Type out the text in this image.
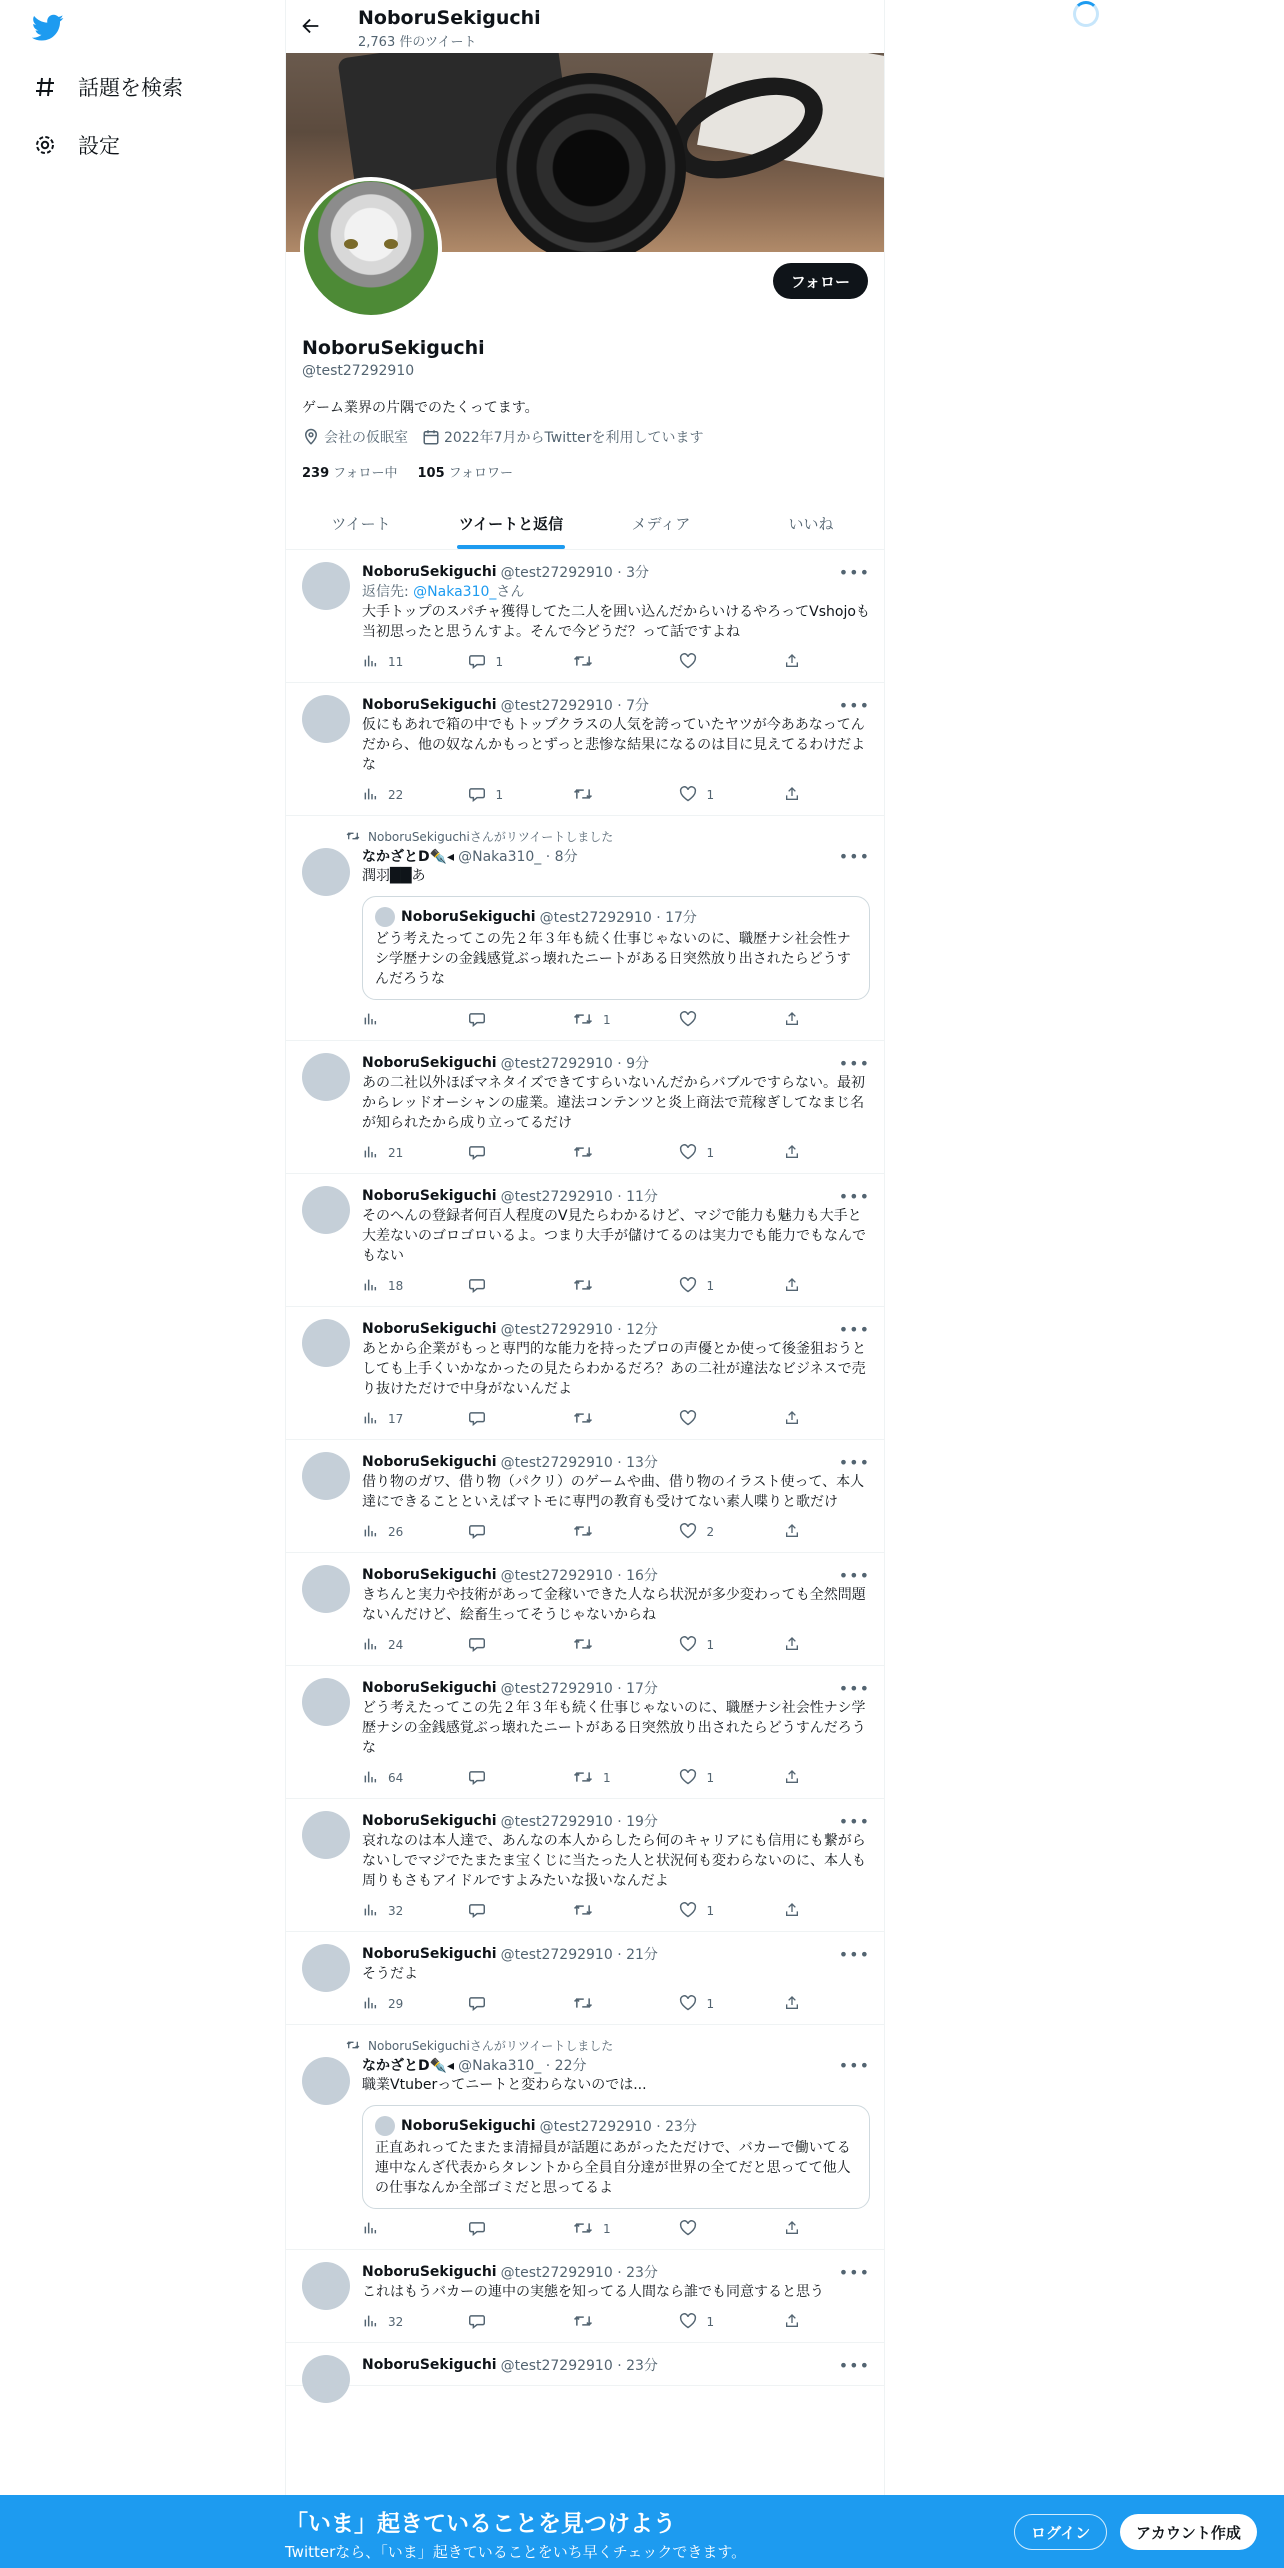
話題を検索
設定
NoboruSekiguchi
2,763 件のツイート
フォロー
NoboruSekiguchi
@test27292910
ゲーム業界の片隅でのたくってます。
会社の仮眠室	2022年7月からTwitterを利用しています
239 フォロー中 105 フォロワー
ツイート	ツイートと返信	メディア	いいね
NoboruSekiguchi @test27292910 · 3分	•••
返信先: @Naka310_さん
大手トップのスパチャ獲得してた二人を囲い込んだからいけるやろってVshojoも当初思ったと思うんすよ。そんで今どうだ？って話ですよね
11	1
NoboruSekiguchi @test27292910 · 7分	•••
仮にもあれで箱の中でもトップクラスの人気を誇っていたヤツが今ああなってんだから、他の奴なんかもっとずっと悲惨な結果になるのは目に見えてるわけだよな
22	1	1
NoboruSekiguchiさんがリツイートしました
なかざとD✒️◂ @Naka310_ · 8分	•••
潤羽██あ
NoboruSekiguchi @test27292910 · 17分
どう考えたってこの先２年３年も続く仕事じゃないのに、職歴ナシ社会性ナシ学歴ナシの金銭感覚ぶっ壊れたニートがある日突然放り出されたらどうすんだろうな
1
NoboruSekiguchi @test27292910 · 9分	•••
あの二社以外ほぼマネタイズできてすらいないんだからバブルですらない。最初からレッドオーシャンの虚業。違法コンテンツと炎上商法で荒稼ぎしてなまじ名が知られたから成り立ってるだけ
21	1
NoboruSekiguchi @test27292910 · 11分	•••
そのへんの登録者何百人程度のV見たらわかるけど、マジで能力も魅力も大手と大差ないのゴロゴロいるよ。つまり大手が儲けてるのは実力でも能力でもなんでもない
18	1
NoboruSekiguchi @test27292910 · 12分	•••
あとから企業がもっと専門的な能力を持ったプロの声優とか使って後釜狙おうとしても上手くいかなかったの見たらわかるだろ？あの二社が違法なビジネスで売り抜けただけで中身がないんだよ
17
NoboruSekiguchi @test27292910 · 13分	•••
借り物のガワ、借り物（パクリ）のゲームや曲、借り物のイラスト使って、本人達にできることといえばマトモに専門の教育も受けてない素人喋りと歌だけ
26	2
NoboruSekiguchi @test27292910 · 16分	•••
きちんと実力や技術があって金稼いできた人なら状況が多少変わっても全然問題ないんだけど、絵畜生ってそうじゃないからね
24	1
NoboruSekiguchi @test27292910 · 17分	•••
どう考えたってこの先２年３年も続く仕事じゃないのに、職歴ナシ社会性ナシ学歴ナシの金銭感覚ぶっ壊れたニートがある日突然放り出されたらどうすんだろうな
64	1	1
NoboruSekiguchi @test27292910 · 19分	•••
哀れなのは本人達で、あんなの本人からしたら何のキャリアにも信用にも繋がらないしでマジでたまたま宝くじに当たった人と状況何も変わらないのに、本人も周りもさもアイドルですよみたいな扱いなんだよ
32	1
NoboruSekiguchi @test27292910 · 21分	•••
そうだよ
29	1
NoboruSekiguchiさんがリツイートしました
なかざとD✒️◂ @Naka310_ · 22分	•••
職業Vtuberってニートと変わらないのでは...
NoboruSekiguchi @test27292910 · 23分
正直あれってたまたま清掃員が話題にあがったただけで、バカーで働いてる連中なんざ代表からタレントから全員自分達が世界の全てだと思ってて他人の仕事なんか全部ゴミだと思ってるよ
1
NoboruSekiguchi @test27292910 · 23分	•••
これはもうバカーの連中の実態を知ってる人間なら誰でも同意すると思う
32	1
NoboruSekiguchi @test27292910 · 23分	•••
「いま」起きていることを見つけよう
Twitterなら、「いま」起きていることをいち早くチェックできます。
ログイン	アカウント作成
